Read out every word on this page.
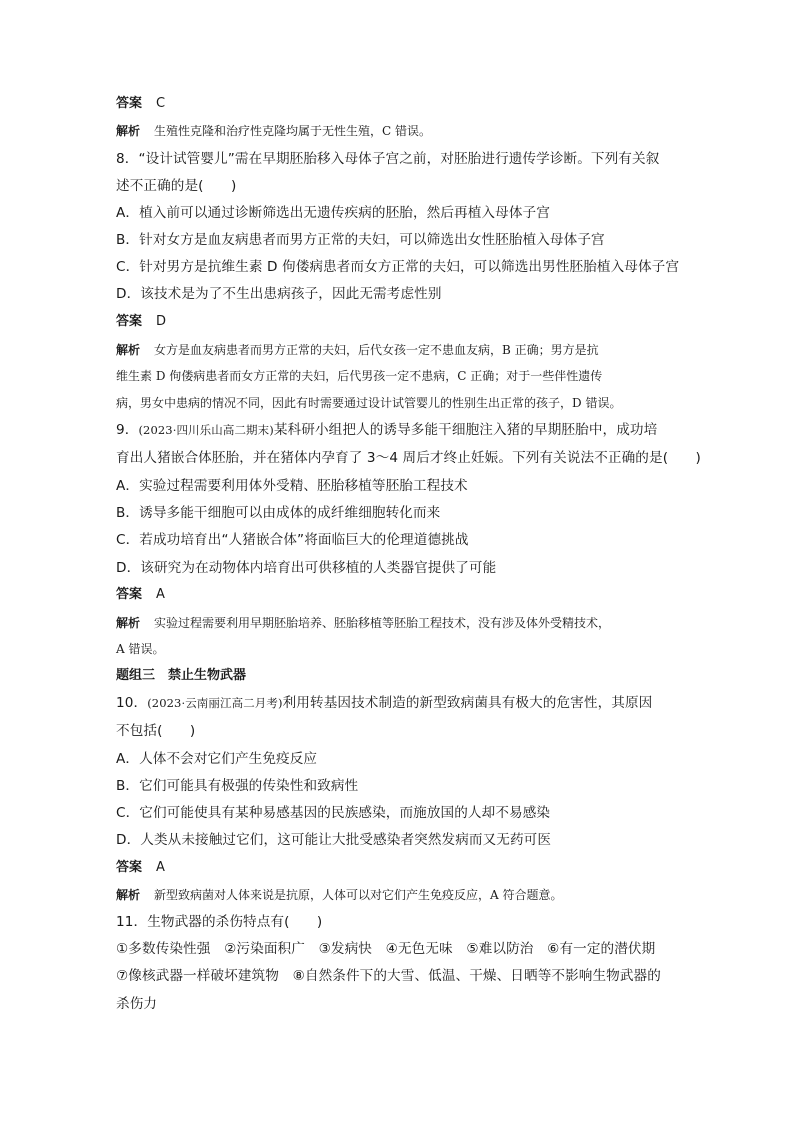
答案 C
解析 生殖性克隆和治疗性克隆均属于无性生殖，C 错误。
8．“设计试管婴儿”需在早期胚胎移入母体子宫之前，对胚胎进行遗传学诊断。下列有关叙
述不正确的是(　　)
A．植入前可以通过诊断筛选出无遗传疾病的胚胎，然后再植入母体子宫
B．针对女方是血友病患者而男方正常的夫妇，可以筛选出女性胚胎植入母体子宫
C．针对男方是抗维生素 D 佝偻病患者而女方正常的夫妇，可以筛选出男性胚胎植入母体子宫
D．该技术是为了不生出患病孩子，因此无需考虑性别
答案 D
解析 女方是血友病患者而男方正常的夫妇，后代女孩一定不患血友病，B 正确；男方是抗
维生素 D 佝偻病患者而女方正常的夫妇，后代男孩一定不患病，C 正确；对于一些伴性遗传
病，男女中患病的情况不同，因此有时需要通过设计试管婴儿的性别生出正常的孩子，D 错误。
9．(2023·四川乐山高二期末)某科研小组把人的诱导多能干细胞注入猪的早期胚胎中，成功培
育出人猪嵌合体胚胎，并在猪体内孕育了 3～4 周后才终止妊娠。下列有关说法不正确的是(　　)
A．实验过程需要利用体外受精、胚胎移植等胚胎工程技术
B．诱导多能干细胞可以由成体的成纤维细胞转化而来
C．若成功培育出“人猪嵌合体”将面临巨大的伦理道德挑战
D．该研究为在动物体内培育出可供移植的人类器官提供了可能
答案 A
解析 实验过程需要利用早期胚胎培养、胚胎移植等胚胎工程技术，没有涉及体外受精技术，
A 错误。
题组三　禁止生物武器
10．(2023·云南丽江高二月考)利用转基因技术制造的新型致病菌具有极大的危害性，其原因
不包括(　　)
A．人体不会对它们产生免疫反应
B．它们可能具有极强的传染性和致病性
C．它们可能使具有某种易感基因的民族感染，而施放国的人却不易感染
D．人类从未接触过它们，这可能让大批受感染者突然发病而又无药可医
答案 A
解析 新型致病菌对人体来说是抗原，人体可以对它们产生免疫反应，A 符合题意。
11．生物武器的杀伤特点有(　　)
①多数传染性强　②污染面积广　③发病快　④无色无味　⑤难以防治　⑥有一定的潜伏期
⑦像核武器一样破坏建筑物　⑧自然条件下的大雪、低温、干燥、日晒等不影响生物武器的
杀伤力
